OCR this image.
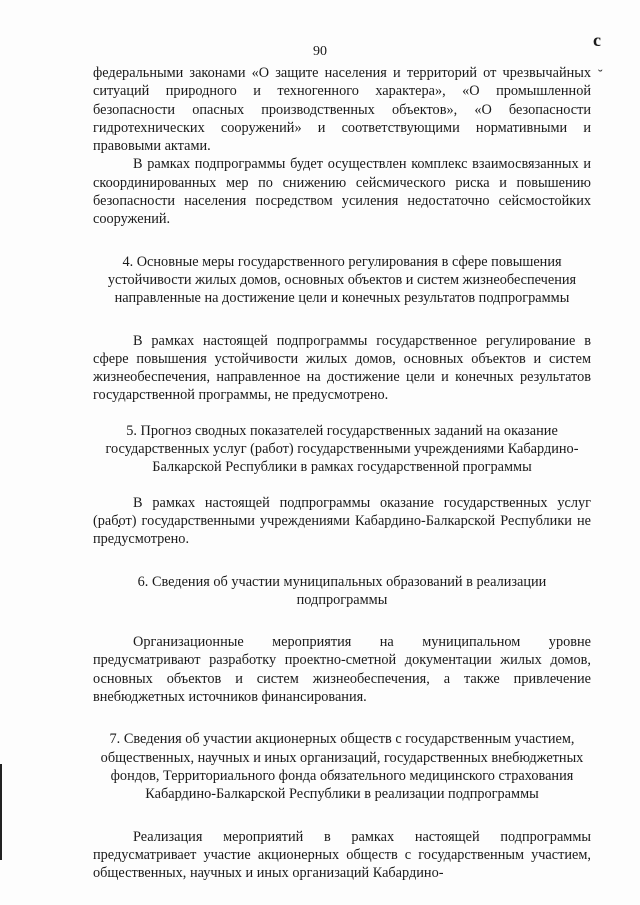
90
с
˘

федеральными законами «О защите населения и территорий от чрезвычайных ситуаций природного и техногенного характера», «О промышленной безопасности опасных производственных объектов», «О безопасности гидротехнических сооружений» и соответствующими нормативными и правовыми актами.

В рамках подпрограммы будет осуществлен комплекс взаимосвязанных и скоординированных мер по снижению сейсмического риска и повышению безопасности населения посредством усиления недостаточно сейсмостойких сооружений.

4. Основные меры государственного регулирования в сфере повышения устойчивости жилых домов, основных объектов и систем жизнеобеспечения направленные на достижение цели и конечных результатов подпрограммы

В рамках настоящей подпрограммы государственное регулирование в сфере повышения устойчивости жилых домов, основных объектов и систем жизнеобеспечения, направленное на достижение цели и конечных результатов государственной программы, не предусмотрено.

5. Прогноз сводных показателей государственных заданий на оказание государственных услуг (работ) государственными учреждениями Кабардино-Балкарской Республики в рамках государственной программы

В рамках настоящей подпрограммы оказание государственных услуг (работ) государственными учреждениями Кабардино-Балкарской Республики не предусмотрено.

6. Сведения об участии муниципальных образований в реализации подпрограммы

Организационные мероприятия на муниципальном уровне предусматривают разработку проектно-сметной документации жилых домов, основных объектов и систем жизнеобеспечения, а также привлечение внебюджетных источников финансирования.

7. Сведения об участии акционерных обществ с государственным участием, общественных, научных и иных организаций, государственных внебюджетных фондов, Территориального фонда обязательного медицинского страхования Кабардино-Балкарской Республики в реализации подпрограммы

Реализация мероприятий в рамках настоящей подпрограммы предусматривает участие акционерных обществ с государственным участием, общественных, научных и иных организаций Кабардино-
